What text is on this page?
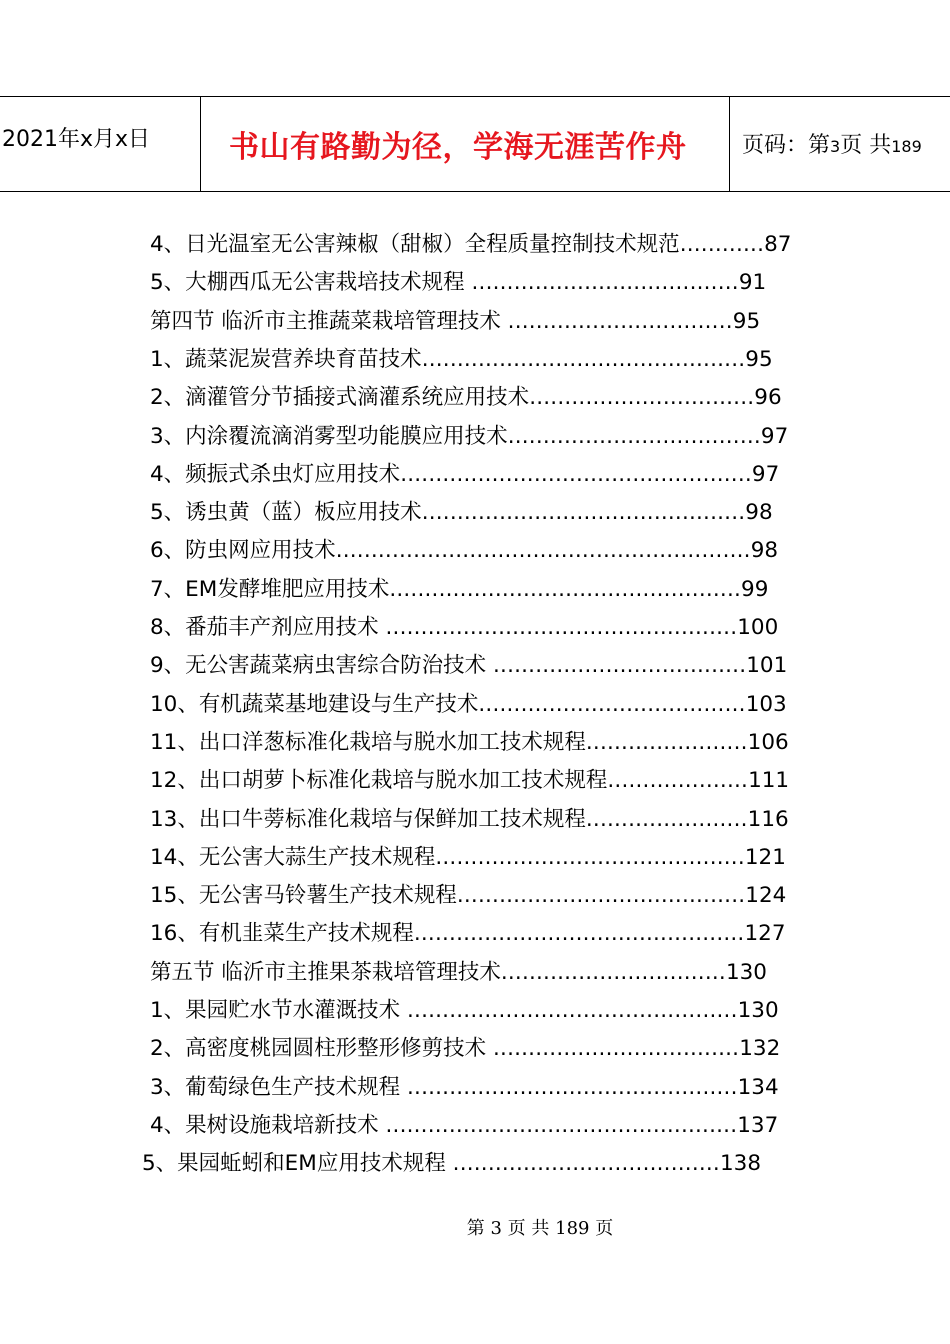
2021年x月x日	书山有路勤为径，学海无涯苦作舟	页码：第3页 共189
4、日光温室无公害辣椒（甜椒）全程质量控制技术规范............87
5、大棚西瓜无公害栽培技术规程 ......................................91
第四节 临沂市主推蔬菜栽培管理技术 ................................95
1、蔬菜泥炭营养块育苗技术..............................................95
2、滴灌管分节插接式滴灌系统应用技术................................96
3、内涂覆流滴消雾型功能膜应用技术....................................97
4、频振式杀虫灯应用技术..................................................97
5、诱虫黄（蓝）板应用技术..............................................98
6、防虫网应用技术...........................................................98
7、EM发酵堆肥应用技术..................................................99
8、番茄丰产剂应用技术 ..................................................100
9、无公害蔬菜病虫害综合防治技术 ....................................101
10、有机蔬菜基地建设与生产技术......................................103
11、出口洋葱标准化栽培与脱水加工技术规程.......................106
12、出口胡萝卜标准化栽培与脱水加工技术规程....................111
13、出口牛蒡标准化栽培与保鲜加工技术规程.......................116
14、无公害大蒜生产技术规程............................................121
15、无公害马铃薯生产技术规程.........................................124
16、有机韭菜生产技术规程...............................................127
第五节 临沂市主推果茶栽培管理技术................................130
1、果园贮水节水灌溉技术 ...............................................130
2、高密度桃园圆柱形整形修剪技术 ...................................132
3、葡萄绿色生产技术规程 ...............................................134
4、果树设施栽培新技术 ..................................................137
5、果园蚯蚓和EM应用技术规程 ......................................138
第 3 页 共 189 页
